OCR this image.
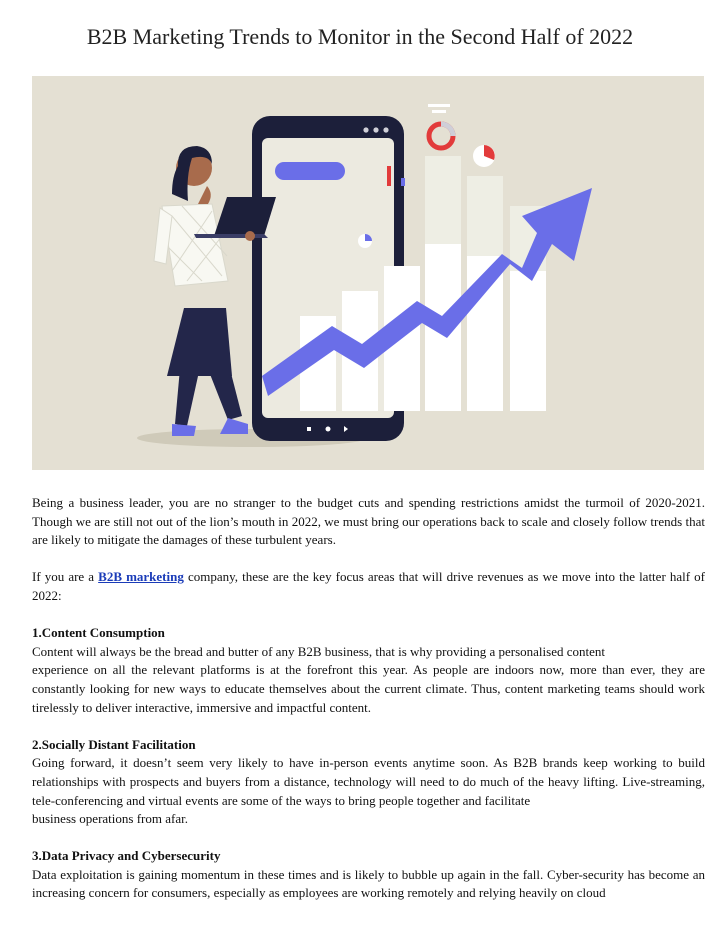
B2B Marketing Trends to Monitor in the Second Half of 2022

Being a business leader, you are no stranger to the budget cuts and spending restrictions amidst the turmoil of 2020-2021. Though we are still not out of the lion’s mouth in 2022, we must bring our operations back to scale and closely follow trends that are likely to mitigate the damages of these turbulent years.

If you are a B2B marketing company, these are the key focus areas that will drive revenues as we move into the latter half of 2022:

1.Content Consumption

Content will always be the bread and butter of any B2B business, that is why providing a personalised content

experience on all the relevant platforms is at the forefront this year. As people are indoors now, more than ever, they are constantly looking for new ways to educate themselves about the current climate. Thus, content marketing teams should work tirelessly to deliver interactive, immersive and impactful content.

2.Socially Distant Facilitation

Going forward, it doesn’t seem very likely to have in-person events anytime soon. As B2B brands keep working to build relationships with prospects and buyers from a distance, technology will need to do much of the heavy lifting. Live-streaming, tele-conferencing and virtual events are some of the ways to bring people together and facilitate

business operations from afar.

3.Data Privacy and Cybersecurity

Data exploitation is gaining momentum in these times and is likely to bubble up again in the fall. Cyber-security has become an increasing concern for consumers, especially as employees are working remotely and relying heavily on cloud
